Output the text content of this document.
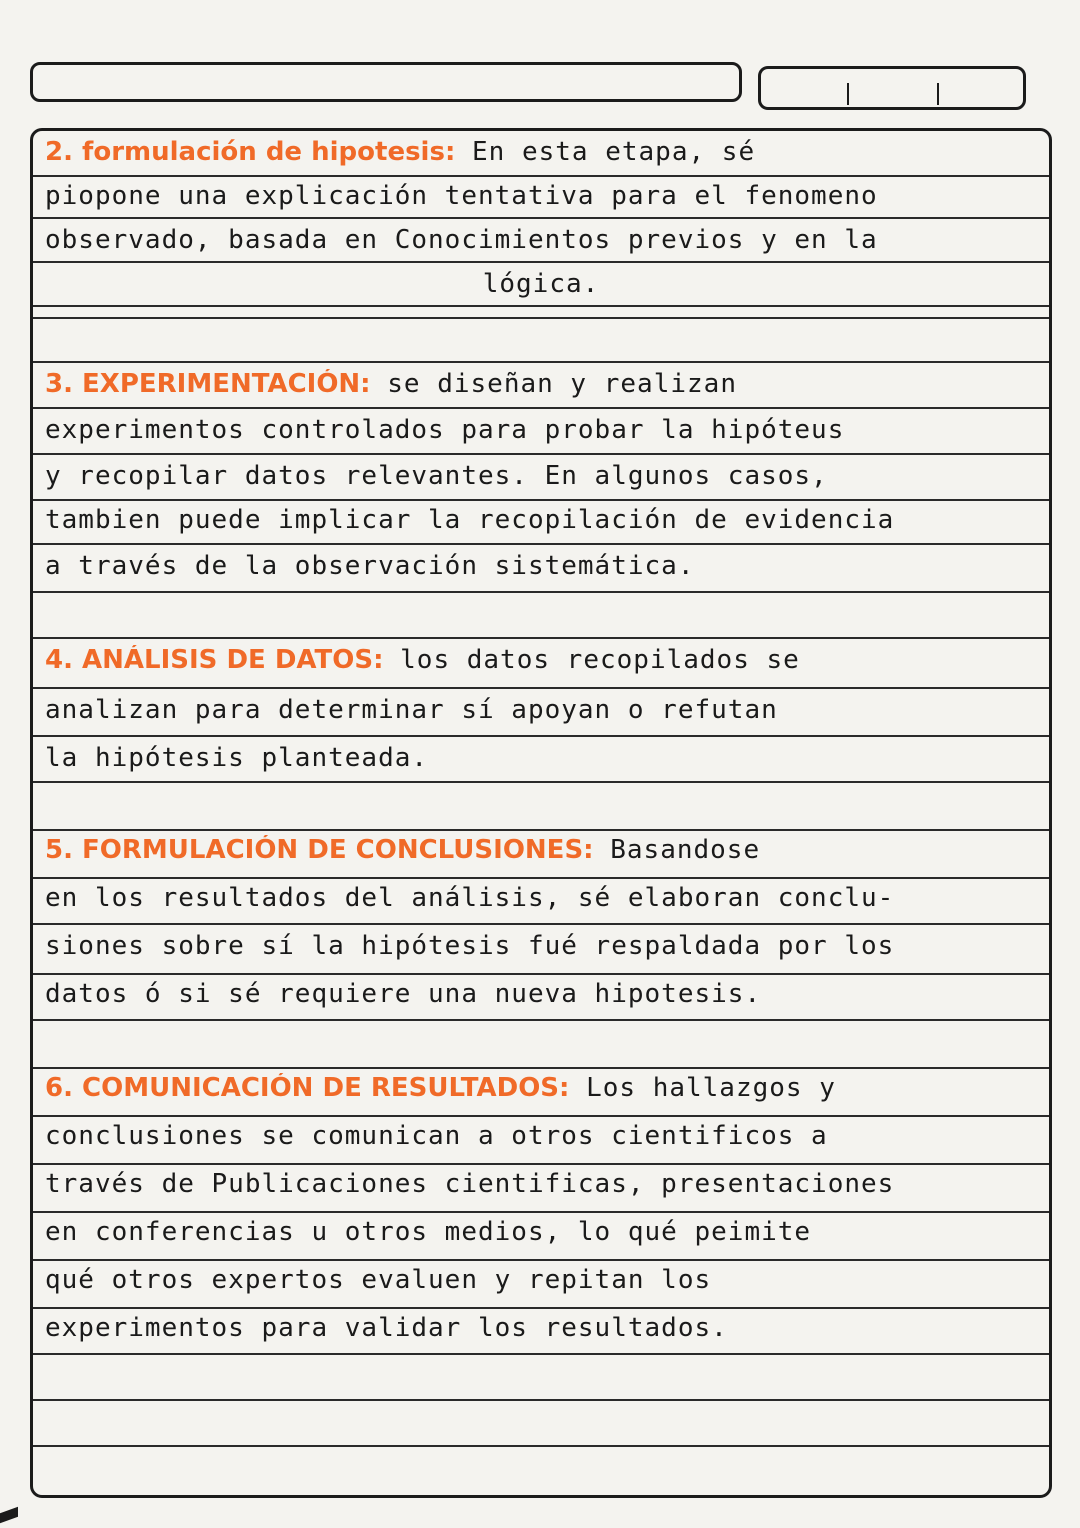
2. formulación de hipotesis: En esta etapa, sé
piopone una explicación tentativa para el fenomeno
observado, basada en Conocimientos previos y en la
lógica.
3. EXPERIMENTACIÓN: se diseñan y realizan
experimentos controlados para probar la hipóteus
y recopilar datos relevantes. En algunos casos,
tambien puede implicar la recopilación de evidencia
a través de la observación sistemática.
4. ANÁLISIS DE DATOS: los datos recopilados se
analizan para determinar sí apoyan o refutan
la hipótesis planteada.
5. FORMULACIÓN DE CONCLUSIONES: Basandose
en los resultados del análisis, sé elaboran conclu-
siones sobre sí la hipótesis fué respaldada por los
datos ó si sé requiere una nueva hipotesis.
6. COMUNICACIÓN DE RESULTADOS: Los hallazgos y
conclusiones se comunican a otros cientificos a
través de Publicaciones cientificas, presentaciones
en conferencias u otros medios, lo qué peimite
qué otros expertos evaluen y repitan los
experimentos para validar los resultados.
